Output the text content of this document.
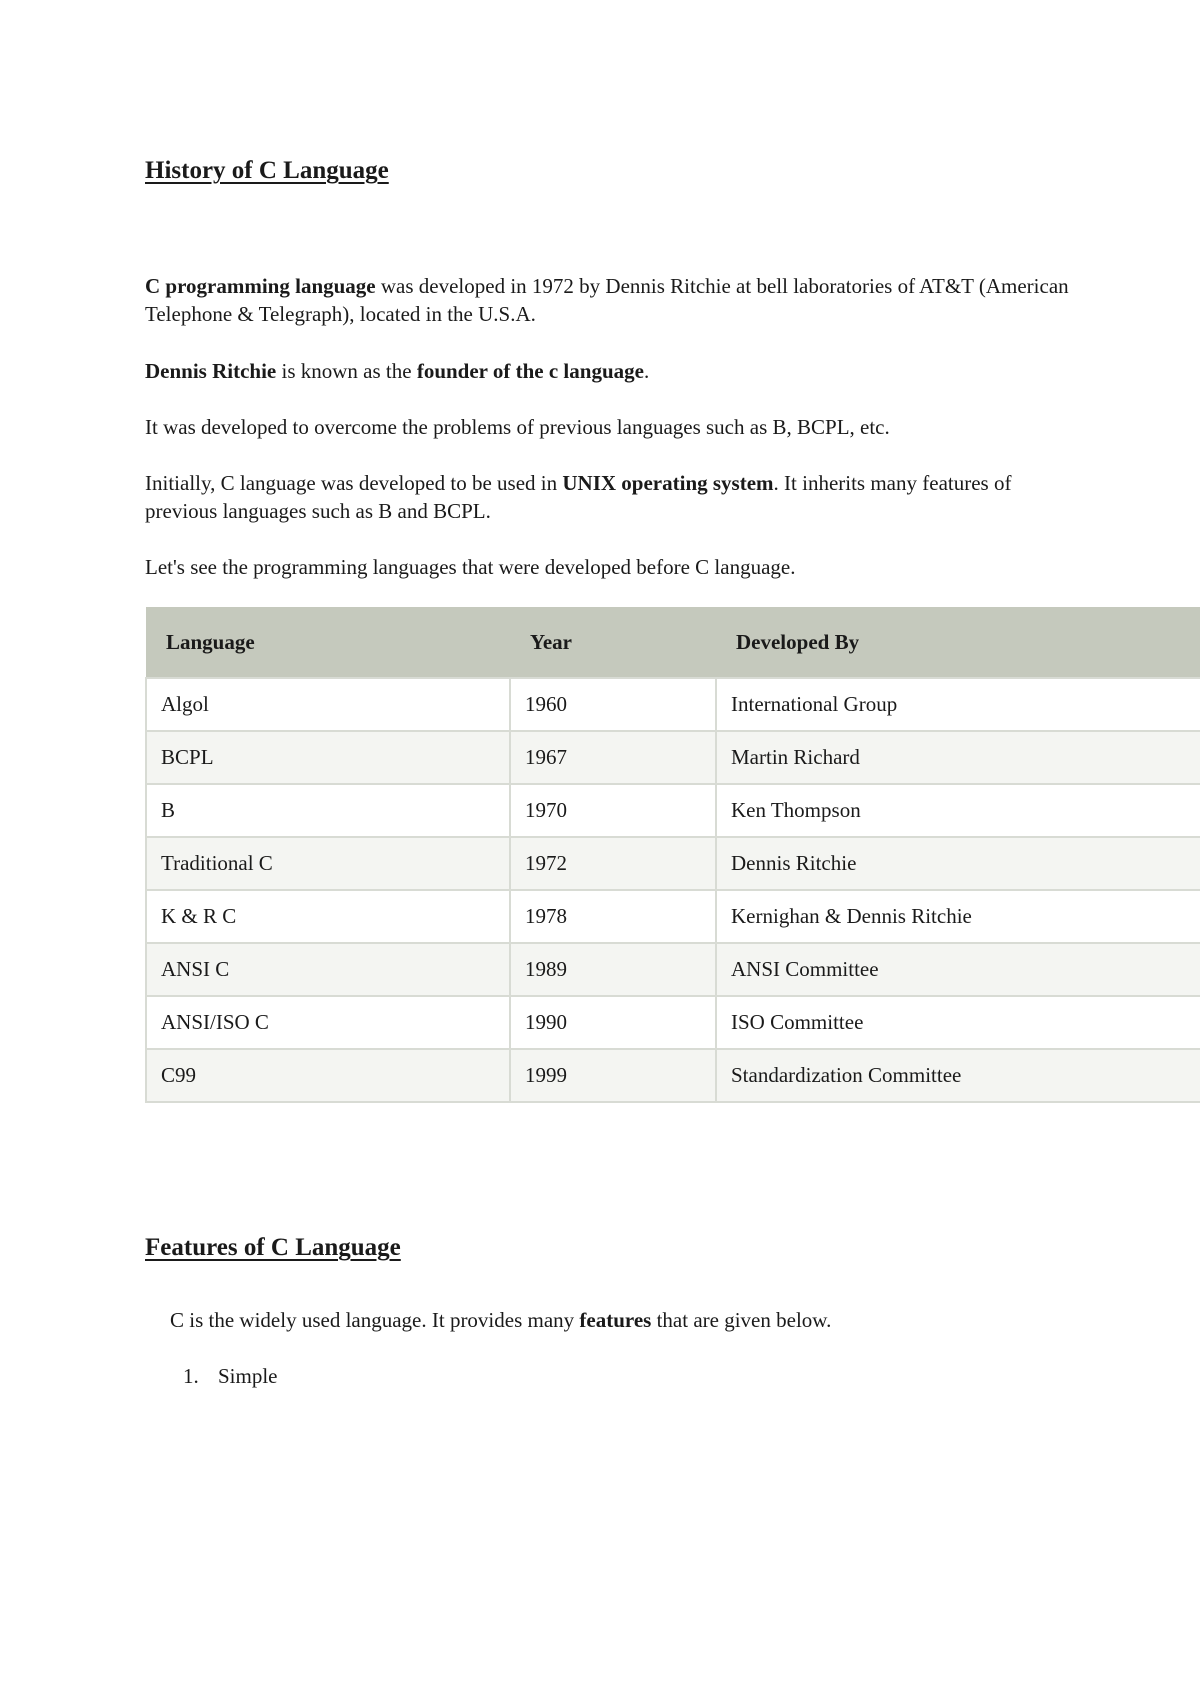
History of C Language

C programming language was developed in 1972 by Dennis Ritchie at bell laboratories of AT&T (American Telephone & Telegraph), located in the U.S.A.

Dennis Ritchie is known as the founder of the c language.

It was developed to overcome the problems of previous languages such as B, BCPL, etc.

Initially, C language was developed to be used in UNIX operating system. It inherits many features of previous languages such as B and BCPL.

Let's see the programming languages that were developed before C language.

Language	Year	Developed By
Algol	1960	International Group
BCPL	1967	Martin Richard
B	1970	Ken Thompson
Traditional C	1972	Dennis Ritchie
K & R C	1978	Kernighan & Dennis Ritchie
ANSI C	1989	ANSI Committee
ANSI/ISO C	1990	ISO Committee
C99	1999	Standardization Committee
Features of C Language

C is the widely used language. It provides many features that are given below.

1. Simple
